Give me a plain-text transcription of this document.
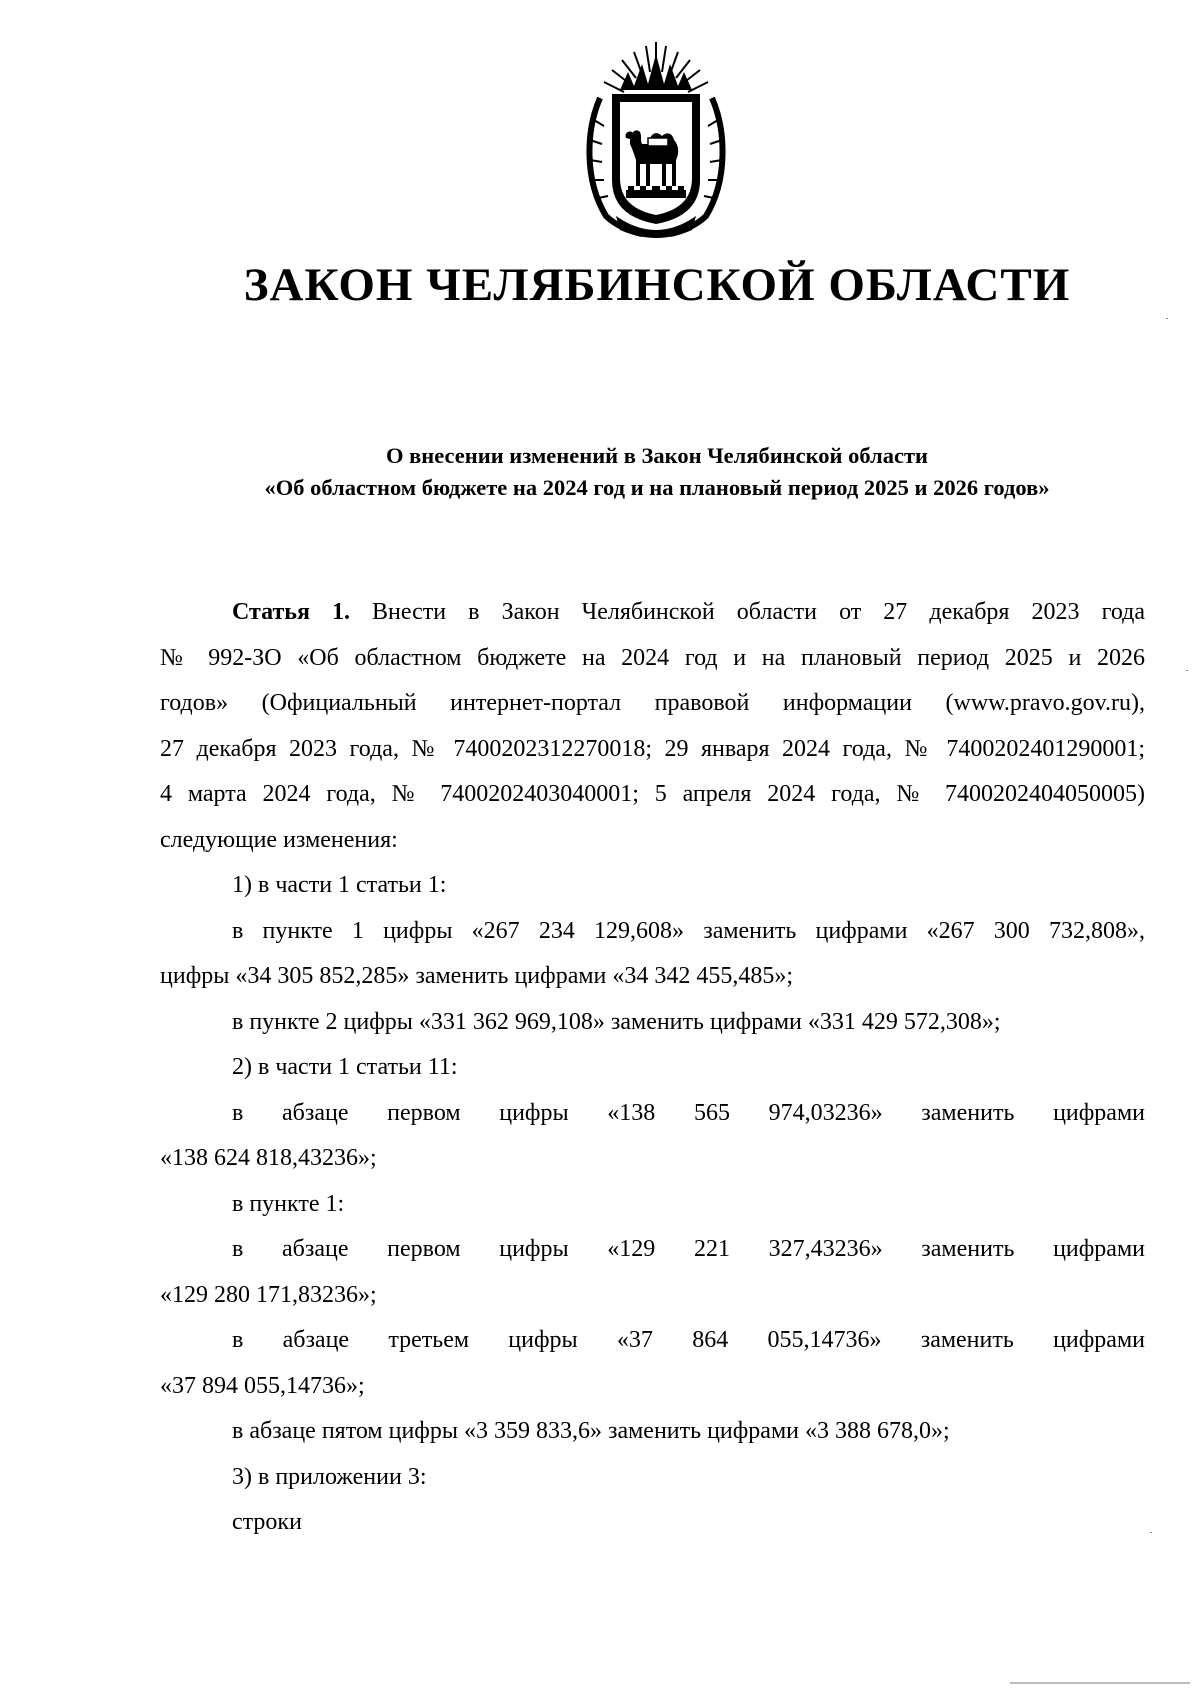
ЗАКОН ЧЕЛЯБИНСКОЙ ОБЛАСТИ
О внесении изменений в Закон Челябинской области
«Об областном бюджете на 2024 год и на плановый период 2025 и 2026 годов»
Статья 1. Внести в Закон Челябинской области от 27 декабря 2023 года
№ 992-ЗО «Об областном бюджете на 2024 год и на плановый период 2025 и 2026
годов» (Официальный интернет-портал правовой информации (www.pravo.gov.ru),
27 декабря 2023 года, № 7400202312270018; 29 января 2024 года, № 7400202401290001;
4 марта 2024 года, № 7400202403040001; 5 апреля 2024 года, № 7400202404050005)
следующие изменения:
1) в части 1 статьи 1:
в пункте 1 цифры «267 234 129,608» заменить цифрами «267 300 732,808»,
цифры «34 305 852,285» заменить цифрами «34 342 455,485»;
в пункте 2 цифры «331 362 969,108» заменить цифрами «331 429 572,308»;
2) в части 1 статьи 11:
в абзаце первом цифры «138 565 974,03236» заменить цифрами
«138 624 818,43236»;
в пункте 1:
в абзаце первом цифры «129 221 327,43236» заменить цифрами
«129 280 171,83236»;
в абзаце третьем цифры «37 864 055,14736» заменить цифрами
«37 894 055,14736»;
в абзаце пятом цифры «3 359 833,6» заменить цифрами «3 388 678,0»;
3) в приложении 3:
строки
